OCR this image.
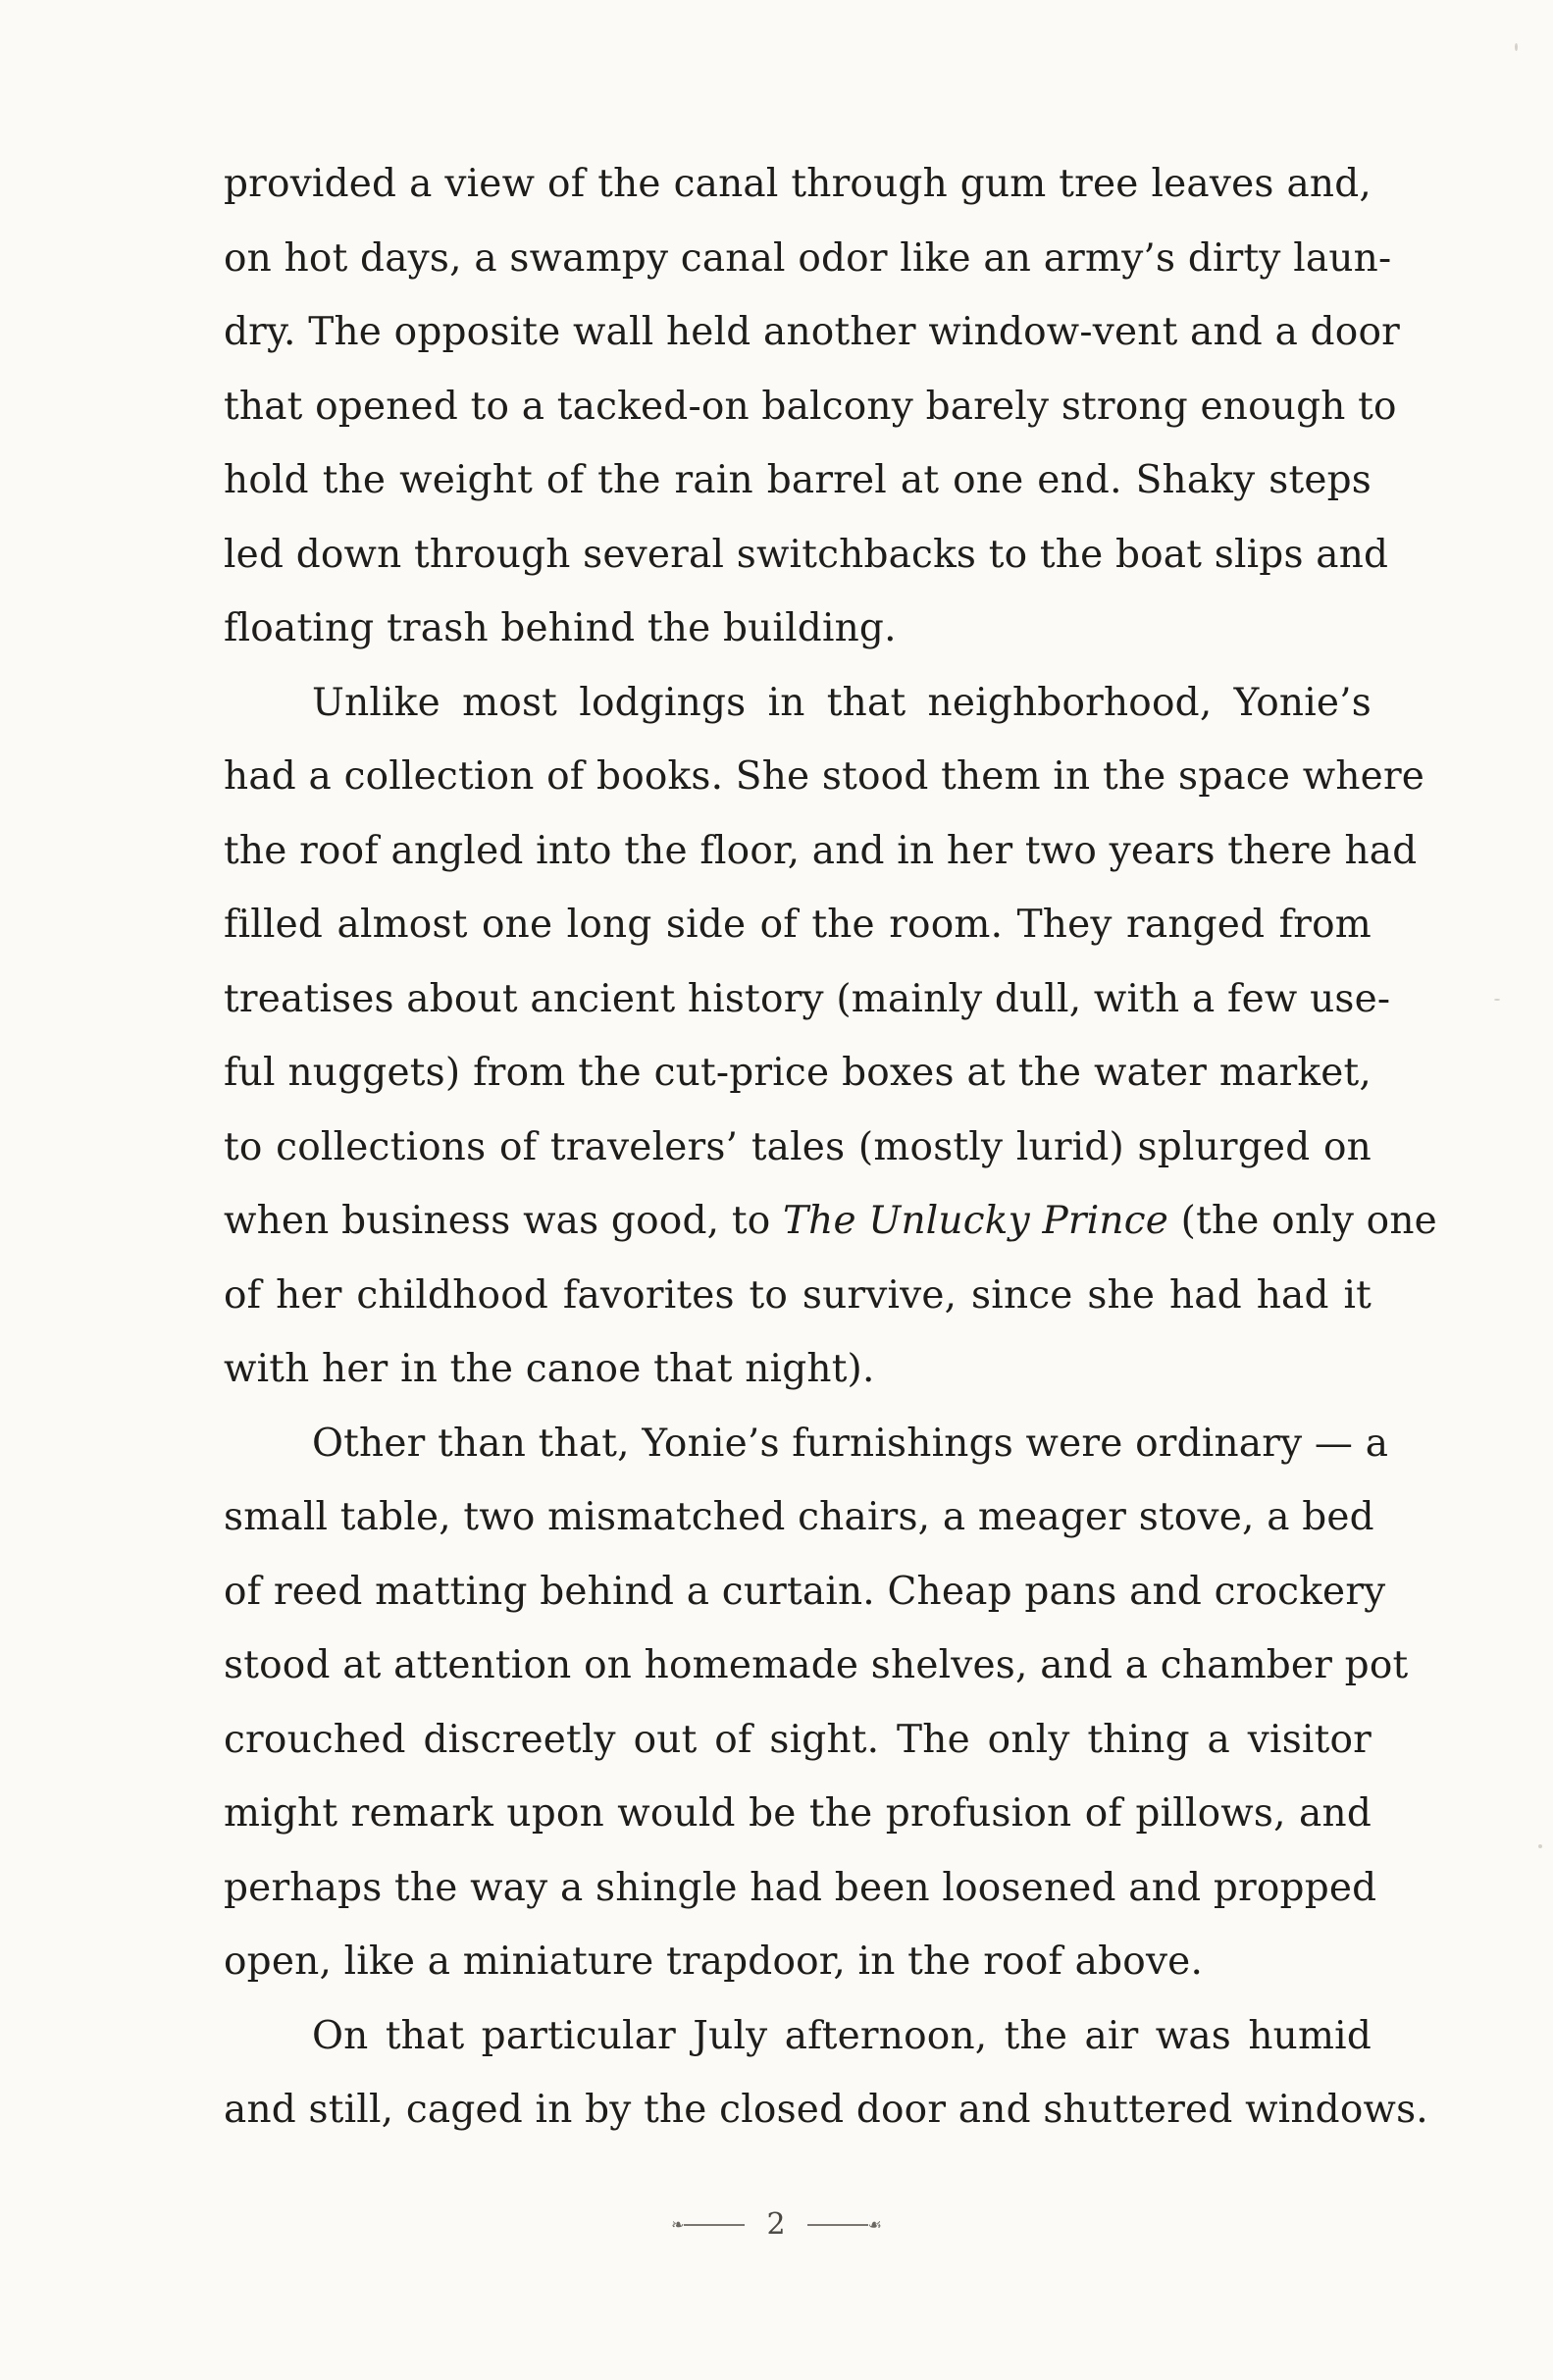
provided a view of the canal through gum tree leaves and,
on hot days, a swampy canal odor like an army’s dirty laun-
dry. The opposite wall held another window-vent and a door
that opened to a tacked-on balcony barely strong enough to
hold the weight of the rain barrel at one end. Shaky steps
led down through several switchbacks to the boat slips and
floating trash behind the building.
Unlike most lodgings in that neighborhood, Yonie’s
had a collection of books. She stood them in the space where
the roof angled into the floor, and in her two years there had
filled almost one long side of the room. They ranged from
treatises about ancient history (mainly dull, with a few use-
ful nuggets) from the cut-price boxes at the water market,
to collections of travelers’ tales (mostly lurid) splurged on
when business was good, to The Unlucky Prince (the only one
of her childhood favorites to survive, since she had had it
with her in the canoe that night).
Other than that, Yonie’s furnishings were ordinary — a
small table, two mismatched chairs, a meager stove, a bed
of reed matting behind a curtain. Cheap pans and crockery
stood at attention on homemade shelves, and a chamber pot
crouched discreetly out of sight. The only thing a visitor
might remark upon would be the profusion of pillows, and
perhaps the way a shingle had been loosened and propped
open, like a miniature trapdoor, in the roof above.
On that particular July afternoon, the air was humid
and still, caged in by the closed door and shuttered windows.
❧	2	☙
